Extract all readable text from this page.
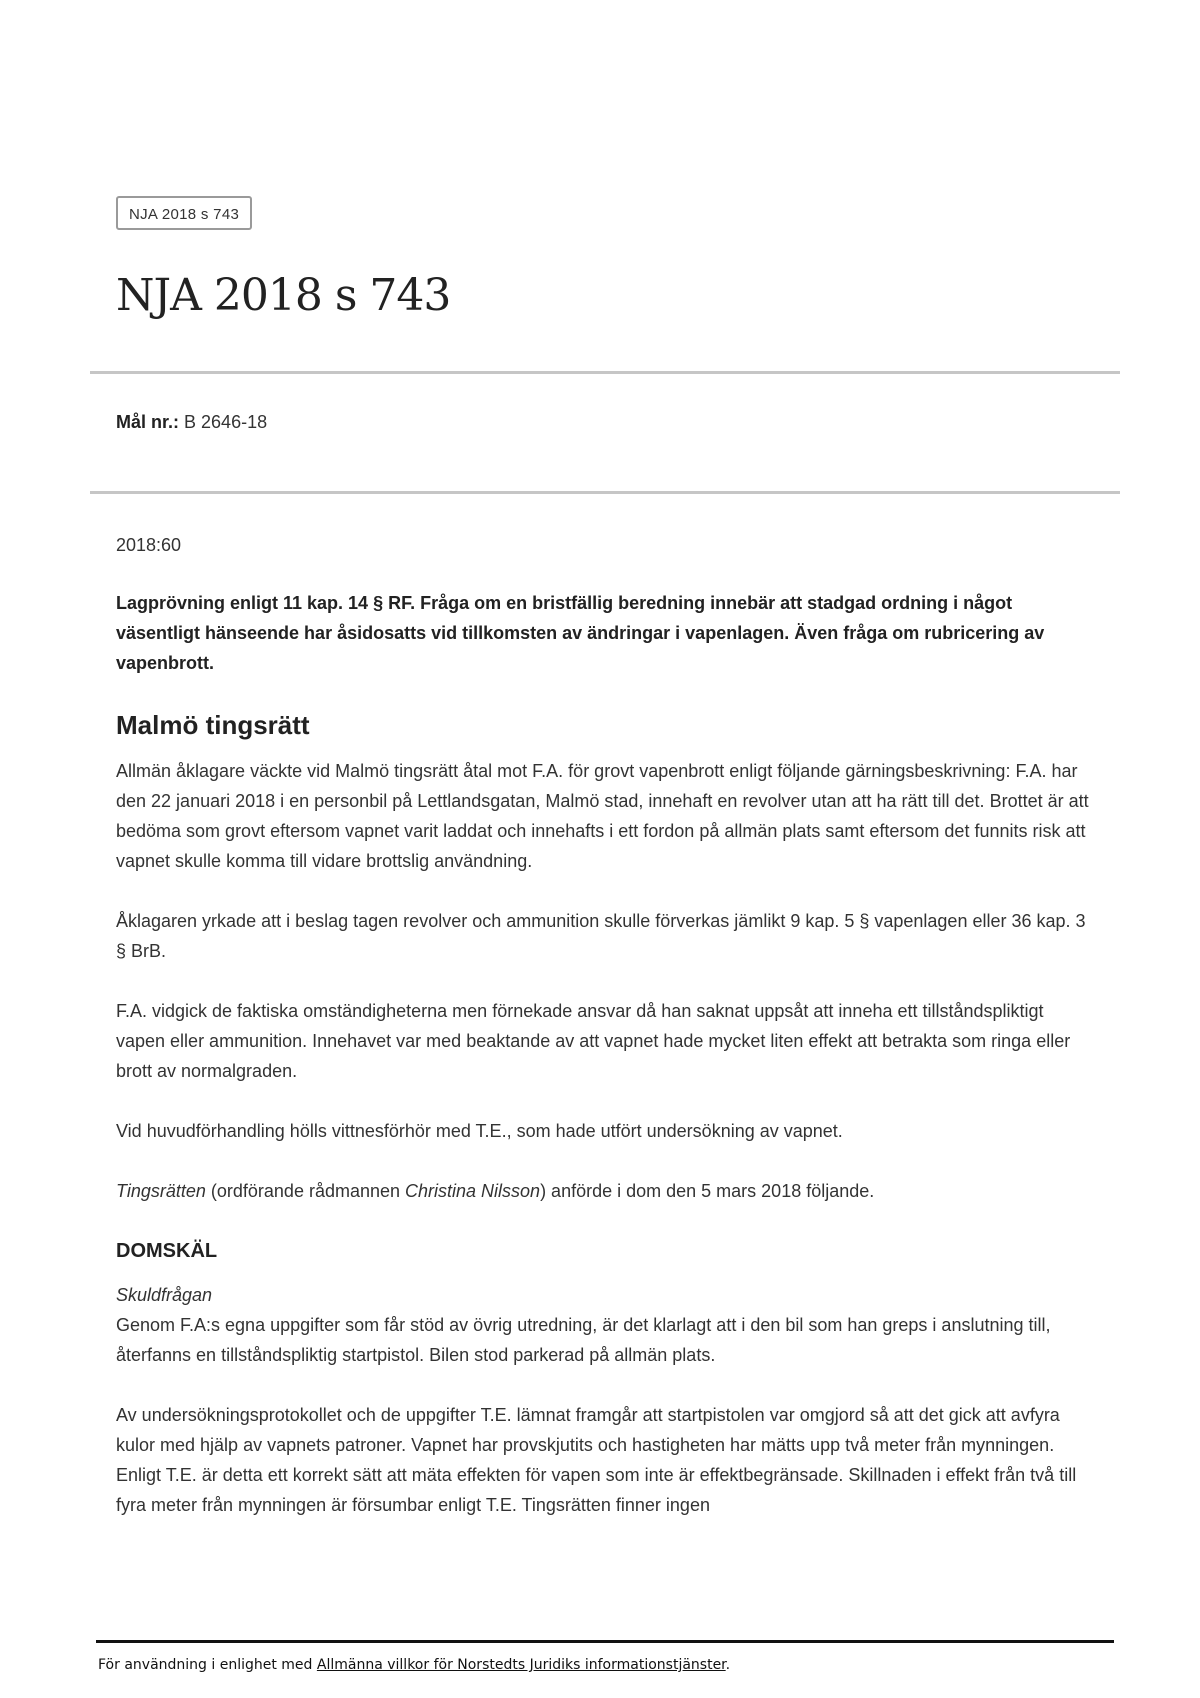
NJA 2018 s 743
NJA 2018 s 743
Mål nr.: B 2646-18

2018:60

Lagprövning enligt 11 kap. 14 § RF. Fråga om en bristfällig beredning innebär att stadgad ordning i något väsentligt hänseende har åsidosatts vid tillkomsten av ändringar i vapenlagen. Även fråga om rubricering av vapenbrott.

Malmö tingsrätt

Allmän åklagare väckte vid Malmö tingsrätt åtal mot F.A. för grovt vapenbrott enligt följande gärningsbeskrivning: F.A. har den 22 januari 2018 i en personbil på Lettlandsgatan, Malmö stad, innehaft en revolver utan att ha rätt till det. Brottet är att bedöma som grovt eftersom vapnet varit laddat och innehafts i ett fordon på allmän plats samt eftersom det funnits risk att vapnet skulle komma till vidare brottslig användning.

Åklagaren yrkade att i beslag tagen revolver och ammunition skulle förverkas jämlikt 9 kap. 5 § vapenlagen eller 36 kap. 3 § BrB.

F.A. vidgick de faktiska omständigheterna men förnekade ansvar då han saknat uppsåt att inneha ett tillståndspliktigt vapen eller ammunition. Innehavet var med beaktande av att vapnet hade mycket liten effekt att betrakta som ringa eller brott av normalgraden.

Vid huvudförhandling hölls vittnesförhör med T.E., som hade utfört undersökning av vapnet.

Tingsrätten (ordförande rådmannen Christina Nilsson) anförde i dom den 5 mars 2018 följande.

DOMSKÄL

Skuldfrågan
Genom F.A:s egna uppgifter som får stöd av övrig utredning, är det klarlagt att i den bil som han greps i anslutning till, återfanns en tillståndspliktig startpistol. Bilen stod parkerad på allmän plats.

Av undersökningsprotokollet och de uppgifter T.E. lämnat framgår att startpistolen var omgjord så att det gick att avfyra kulor med hjälp av vapnets patroner. Vapnet har provskjutits och hastigheten har mätts upp två meter från mynningen. Enligt T.E. är detta ett korrekt sätt att mäta effekten för vapen som inte är effektbegränsade. Skillnaden i effekt från två till fyra meter från mynningen är försumbar enligt T.E. Tingsrätten finner ingen

För användning i enlighet med Allmänna villkor för Norstedts Juridiks informationstjänster.
